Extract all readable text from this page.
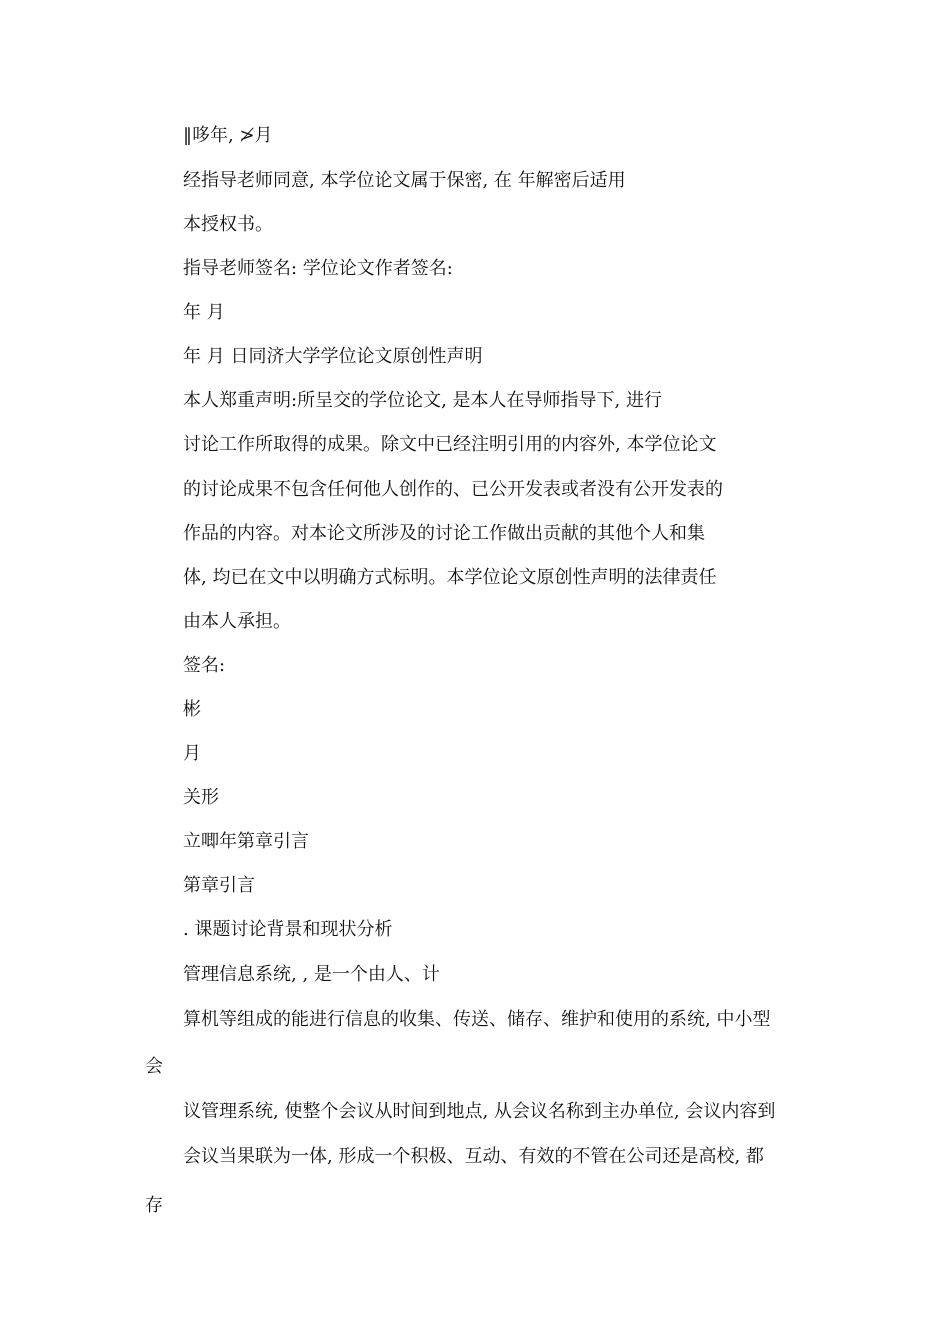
‖哆年, ≯月
经指导老师同意, 本学位论文属于保密, 在 年解密后适用
本授权书。
指导老师签名: 学位论文作者签名:
年 月
年 月 日同济大学学位论文原创性声明
本人郑重声明:所呈交的学位论文, 是本人在导师指导下, 进行
讨论工作所取得的成果。除文中已经注明引用的内容外, 本学位论文
的讨论成果不包含任何他人创作的、已公开发表或者没有公开发表的
作品的内容。对本论文所涉及的讨论工作做出贡献的其他个人和集
体, 均已在文中以明确方式标明。本学位论文原创性声明的法律责任
由本人承担。
签名:
彬
月
关形
立唧年第章引言
第章引言
. 课题讨论背景和现状分析
管理信息系统, , 是一个由人、计
算机等组成的能进行信息的收集、传送、储存、维护和使用的系统, 中小型
会
议管理系统, 使整个会议从时间到地点, 从会议名称到主办单位, 会议内容到
会议当果联为一体, 形成一个积极、互动、有效的不管在公司还是高校, 都
存
